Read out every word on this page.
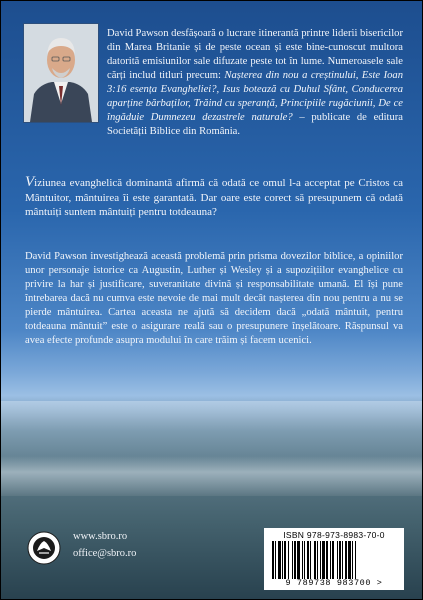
David Pawson desfășoară o lucrare itinerantă printre liderii bisericilor din Marea Britanie și de peste ocean și este bine-cunoscut multora datorită emisiunilor sale difuzate peste tot în lume. Numeroasele sale cărți includ titluri precum: Nașterea din nou a creștinului, Este Ioan 3:16 esența Evangheliei?, Isus botează cu Duhul Sfânt, Conducerea aparține bărbaților, Trăind cu speranță, Principiile rugăciunii, De ce îngăduie Dumnezeu dezastrele naturale? – publicate de editura Societății Biblice din România.
Viziunea evanghelică dominantă afirmă că odată ce omul l-a acceptat pe Cristos ca Mântuitor, mântuirea îi este garantată. Dar oare este corect să presupunem că odată mântuiți suntem mântuiți pentru totdeauna?
David Pawson investighează această problemă prin prisma dovezilor biblice, a opiniilor unor personaje istorice ca Augustin, Luther și Wesley și a supozițiilor evanghelice cu privire la har și justificare, suveranitate divină și responsabilitate umană. El își pune întrebarea dacă nu cumva este nevoie de mai mult decât nașterea din nou pentru a nu se pierde mântuirea. Cartea aceasta ne ajută să decidem dacă „odată mântuit, pentru totdeauna mântuit” este o asigurare reală sau o presupunere înșelătoare. Răspunsul va avea efecte profunde asupra modului în care trăim și facem ucenici.
www.sbro.ro
office@sbro.ro
ISBN 978-973-8983-70-0
9 789738 983700 >
